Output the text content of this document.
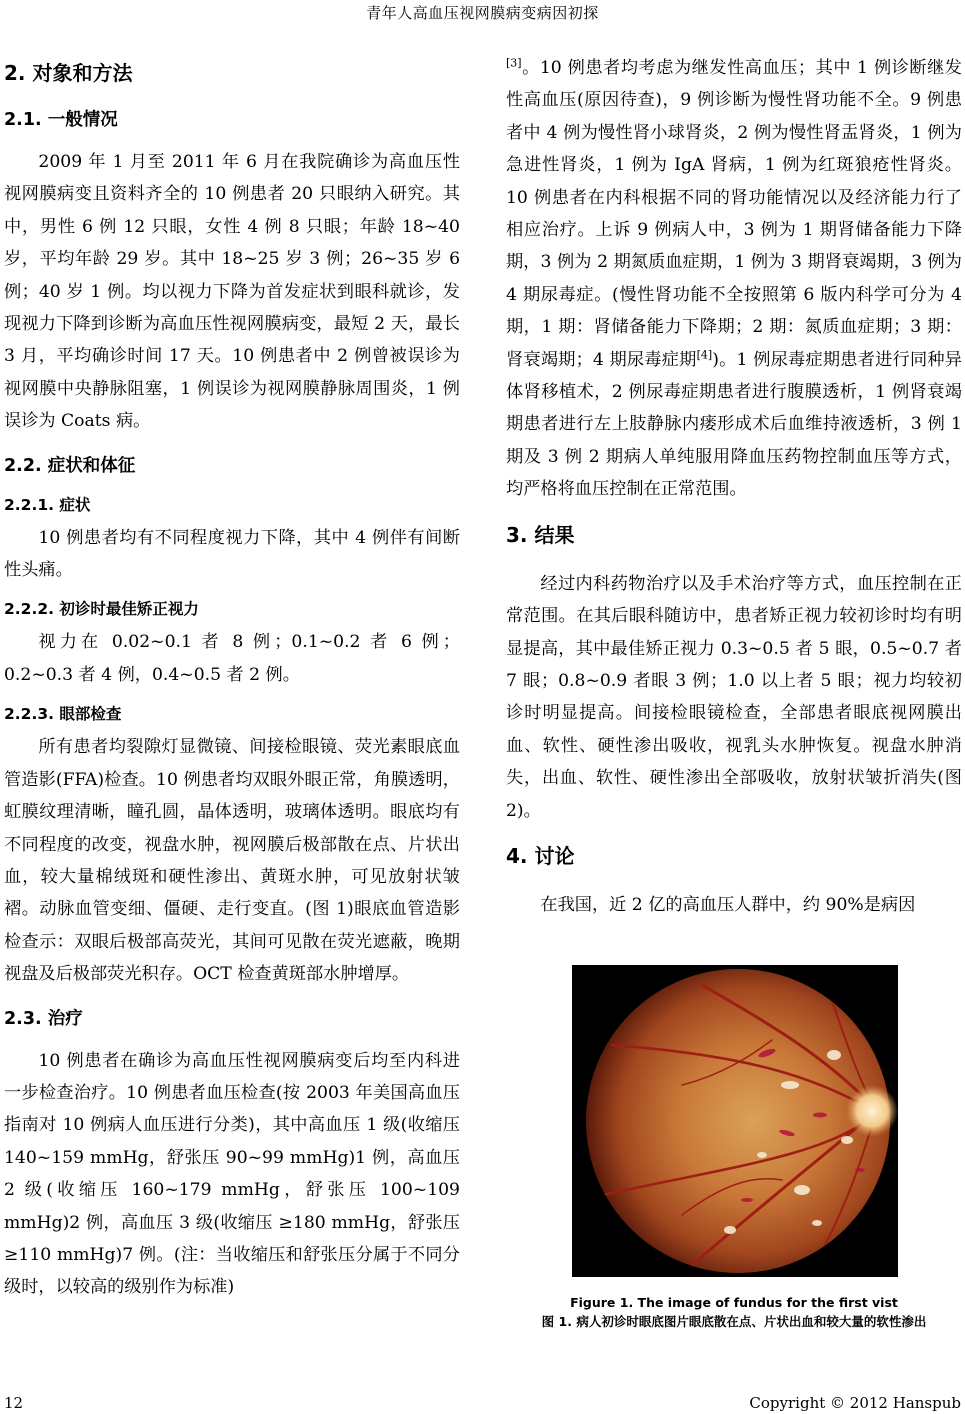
青年人高血压视网膜病变病因初探
2. 对象和方法
2.1. 一般情况

2009 年 1 月至 2011 年 6 月在我院确诊为高血压性视网膜病变且资料齐全的 10 例患者 20 只眼纳入研究。其中，男性 6 例 12 只眼，女性 4 例 8 只眼；年龄 18~40 岁，平均年龄 29 岁。其中 18~25 岁 3 例；26~35 岁 6 例；40 岁 1 例。均以视力下降为首发症状到眼科就诊，发现视力下降到诊断为高血压性视网膜病变，最短 2 天，最长 3 月，平均确诊时间 17 天。10 例患者中 2 例曾被误诊为视网膜中央静脉阻塞，1 例误诊为视网膜静脉周围炎，1 例误诊为 Coats 病。

2.2. 症状和体征
2.2.1. 症状

10 例患者均有不同程度视力下降，其中 4 例伴有间断性头痛。

2.2.2. 初诊时最佳矫正视力

视力在 0.02~0.1 者 8 例；0.1~0.2 者 6 例；0.2~0.3 者 4 例，0.4~0.5 者 2 例。

2.2.3. 眼部检查

所有患者均裂隙灯显微镜、间接检眼镜、荧光素眼底血管造影(FFA)检查。10 例患者均双眼外眼正常，角膜透明，虹膜纹理清晰，瞳孔圆，晶体透明，玻璃体透明。眼底均有不同程度的改变，视盘水肿，视网膜后极部散在点、片状出血，较大量棉绒斑和硬性渗出、黄斑水肿，可见放射状皱褶。动脉血管变细、僵硬、走行变直。(图 1)眼底血管造影检查示：双眼后极部高荧光，其间可见散在荧光遮蔽，晚期视盘及后极部荧光积存。OCT 检查黄斑部水肿增厚。

2.3. 治疗

10 例患者在确诊为高血压性视网膜病变后均至内科进一步检查治疗。10 例患者血压检查(按 2003 年美国高血压指南对 10 例病人血压进行分类)，其中高血压 1 级(收缩压 140~159 mmHg，舒张压 90~99 mmHg)1 例，高血压 2 级(收缩压 160~179 mmHg，舒张压 100~109 mmHg)2 例，高血压 3 级(收缩压 ≥180 mmHg，舒张压 ≥110 mmHg)7 例。(注：当收缩压和舒张压分属于不同分级时，以较高的级别作为标准)

[3]。10 例患者均考虑为继发性高血压；其中 1 例诊断继发性高血压(原因待查)，9 例诊断为慢性肾功能不全。9 例患者中 4 例为慢性肾小球肾炎，2 例为慢性肾盂肾炎，1 例为急进性肾炎，1 例为 IgA 肾病，1 例为红斑狼疮性肾炎。10 例患者在内科根据不同的肾功能情况以及经济能力行了相应治疗。上诉 9 例病人中，3 例为 1 期肾储备能力下降期，3 例为 2 期氮质血症期，1 例为 3 期肾衰竭期，3 例为 4 期尿毒症。(慢性肾功能不全按照第 6 版内科学可分为 4 期，1 期：肾储备能力下降期；2 期：氮质血症期；3 期：肾衰竭期；4 期尿毒症期[4])。1 例尿毒症期患者进行同种异体肾移植术，2 例尿毒症期患者进行腹膜透析，1 例肾衰竭期患者进行左上肢静脉内瘘形成术后血维持液透析，3 例 1 期及 3 例 2 期病人单纯服用降血压药物控制血压等方式，均严格将血压控制在正常范围。

3. 结果

经过内科药物治疗以及手术治疗等方式，血压控制在正常范围。在其后眼科随访中，患者矫正视力较初诊时均有明显提高，其中最佳矫正视力 0.3~0.5 者 5 眼，0.5~0.7 者 7 眼；0.8~0.9 者眼 3 例；1.0 以上者 5 眼；视力均较初诊时明显提高。间接检眼镜检查，全部患者眼底视网膜出血、软性、硬性渗出吸收，视乳头水肿恢复。视盘水肿消失，出血、软性、硬性渗出全部吸收，放射状皱折消失(图 2)。

4. 讨论

在我国，近 2 亿的高血压人群中，约 90%是病因

Figure 1. The image of fundus for the first vist
图 1. 病人初诊时眼底图片眼底散在点、片状出血和较大量的软性渗出
12	Copyright © 2012 Hanspub
